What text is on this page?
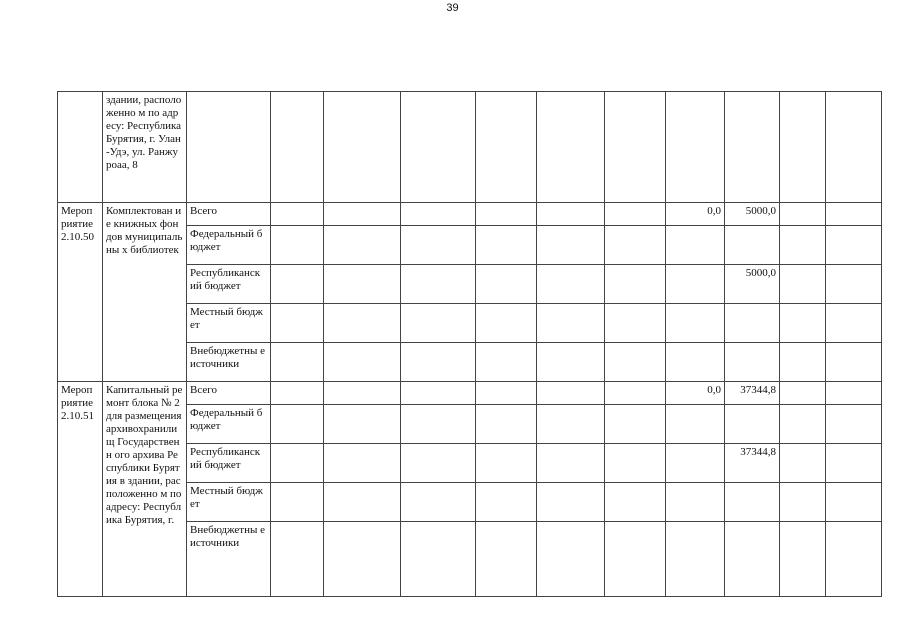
39
	здании, расположенно м по адресу: Республика Бурятия, г. Улан-Удэ, ул. Ранжуроаа, 8											
Мероп риятие 2.10.50	Комплектован ие книжных фондов муниципальны х библиотек	Всего							0,0	5000,0		
		Федеральный бюджет										
		Республиканск ий бюджет								5000,0		
		Местный бюджет										
		Внебюджетны е источники										
Мероп риятие 2.10.51	Капитальный ремонт блока № 2 для размещения архивохранили щ Государственн ого архива Республики Бурятия в здании, расположенно м по адресу: Республика Бурятия, г.	Всего							0,0	37344,8		
		Федеральный бюджет										
		Республиканск ий бюджет								37344,8		
		Местный бюджет										
		Внебюджетны е источники										
